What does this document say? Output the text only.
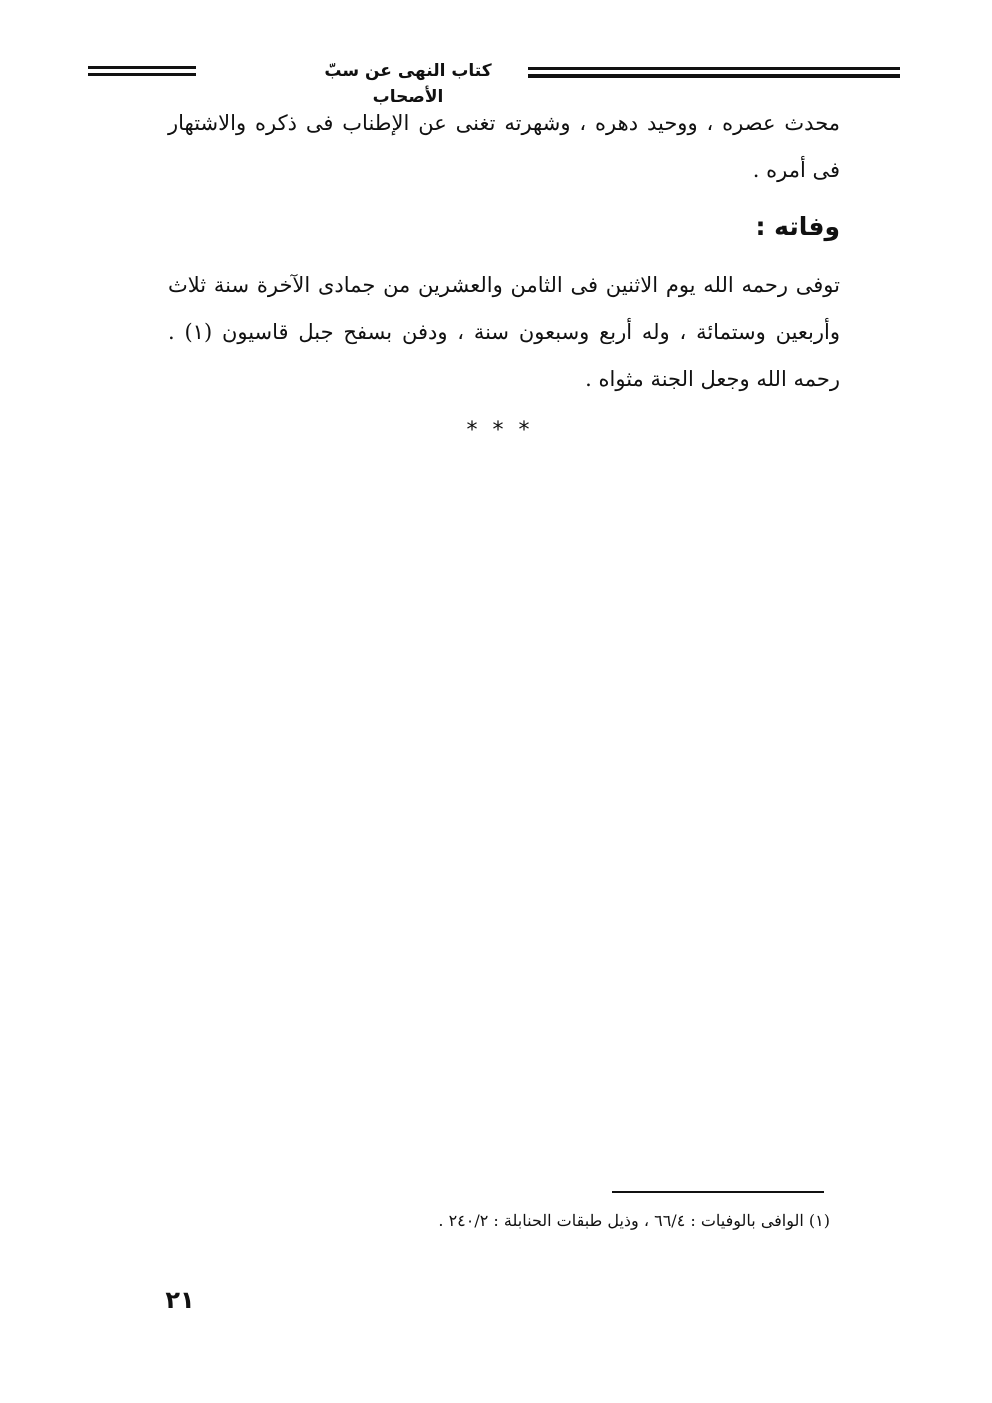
كتاب النهى عن سبّ الأصحاب
محدث عصره ، ووحيد دهره ، وشهرته تغنى عن الإطناب فى ذكره والاشتهار فى أمره .
وفاته :
توفى رحمه الله يوم الاثنين فى الثامن والعشرين من جمادى الآخرة سنة ثلاث وأربعين وستمائة ، وله أربع وسبعون سنة ، ودفن بسفح جبل قاسيون (١) . رحمه الله وجعل الجنة مثواه .
* * *
(١) الوافى بالوفيات : ٦٦/٤ ، وذيل طبقات الحنابلة : ٢٤٠/٢ .
٢١
